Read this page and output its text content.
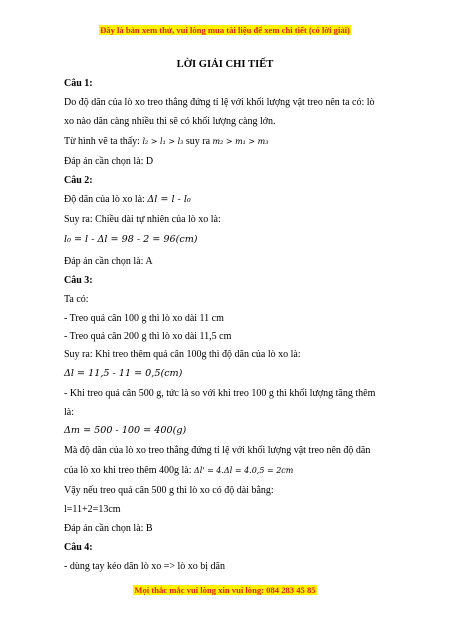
Đây là bản xem thử, vui lòng mua tài liệu để xem chi tiết (có lời giải)
LỜI GIẢI CHI TIẾT
Câu 1:
Do độ dãn của lò xo treo thẳng đứng tỉ lệ với khối lượng vật treo nên ta có: lò
xo nào dãn càng nhiều thì sẽ có khối lượng càng lớn.
Từ hình vẽ ta thấy: l₂ > l₁ > l₃ suy ra m₂ > m₁ > m₃
Đáp án cần chọn là: D
Câu 2:
Độ dãn của lò xo là: Δl = l - l₀
Suy ra: Chiều dài tự nhiên của lò xo là:
l₀ = l - Δl = 98 - 2 = 96(cm)
Đáp án cần chọn là: A
Câu 3:
Ta có:
- Treo quả cân 100 g thì lò xo dài 11 cm
- Treo quả cân 200 g thì lò xo dài 11,5 cm
Suy ra: Khi treo thêm quả cân 100g thì độ dãn của lò xo là:
Δl = 11,5 - 11 = 0,5(cm)
- Khi treo quả cân 500 g, tức là so với khi treo 100 g thì khối lượng tăng thêm
là:
Δm = 500 - 100 = 400(g)
Mà độ dãn của lò xo treo thẳng đứng tỉ lệ với khối lượng vật treo nên độ dãn
của lò xo khi treo thêm 400g là: Δl' = 4.Δl = 4.0,5 = 2cm
Vậy nếu treo quả cân 500 g thì lò xo có độ dài bằng:
l=11+2=13cm
Đáp án cần chọn là: B
Câu 4:
- dùng tay kéo dãn lò xo => lò xo bị dãn
Mọi thắc mắc vui lòng xin vui lòng: 084 283 45 85
